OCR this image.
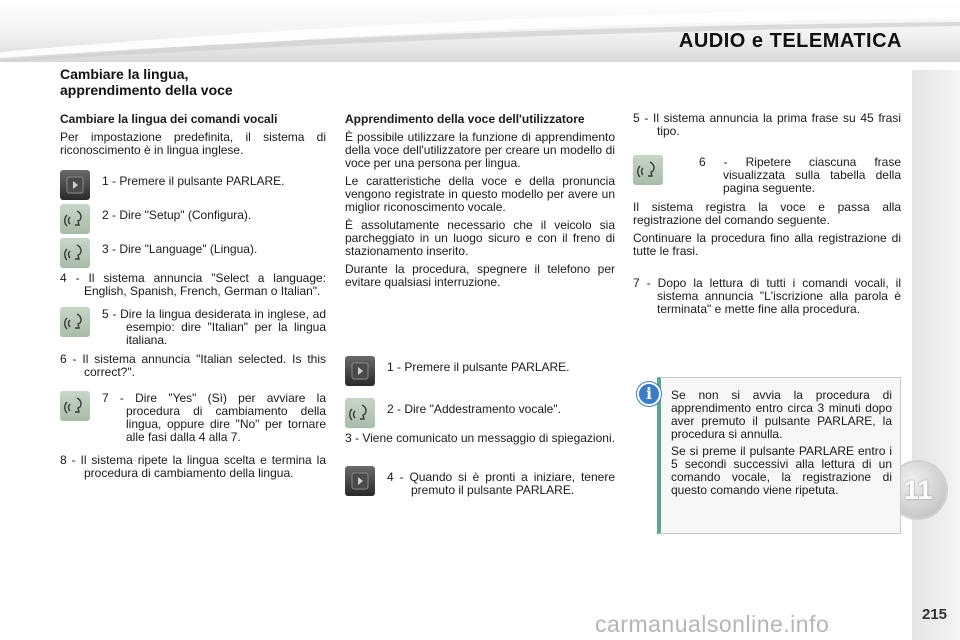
AUDIO e TELEMATICA
11
215
carmanualsonline.info
Cambiare la lingua, apprendimento della voce
Cambiare la lingua dei comandi vocali
Per impostazione predefinita, il sistema di riconoscimento è in lingua inglese.
1 - Premere il pulsante PARLARE.
2 - Dire "Setup" (Configura).
3 - Dire "Language" (Lingua).
4 - Il sistema annuncia "Select a language: English, Spanish, French, German o Italian".
5 - Dire la lingua desiderata in inglese, ad esempio: dire "Italian" per la lingua italiana.
6 - Il sistema annuncia "Italian selected. Is this correct?".
7 - Dire "Yes" (Sì) per avviare la procedura di cambiamento della lingua, oppure dire "No" per tornare alle fasi dalla 4 alla 7.
8 - Il sistema ripete la lingua scelta e termina la procedura di cambiamento della lingua.
Apprendimento della voce dell'utilizzatore
È possibile utilizzare la funzione di apprendimento della voce dell'utilizzatore per creare un modello di voce per una persona per lingua.
Le caratteristiche della voce e della pronuncia vengono registrate in questo modello per avere un miglior riconoscimento vocale.
È assolutamente necessario che il veicolo sia parcheggiato in un luogo sicuro e con il freno di stazionamento inserito.
Durante la procedura, spegnere il telefono per evitare qualsiasi interruzione.
1 - Premere il pulsante PARLARE.
2 - Dire "Addestramento vocale".
3 - Viene comunicato un messaggio di spiegazioni.
4 - Quando si è pronti a iniziare, tenere premuto il pulsante PARLARE.
5 - Il sistema annuncia la prima frase su 45 frasi tipo.
6 - Ripetere ciascuna frase visualizzata sulla tabella della pagina seguente.
Il sistema registra la voce e passa alla registrazione del comando seguente.
Continuare la procedura fino alla registrazione di tutte le frasi.
7 - Dopo la lettura di tutti i comandi vocali, il sistema annuncia "L'iscrizione alla parola è terminata" e mette fine alla procedura.
i	Se non si avvia la procedura di apprendimento entro circa 3 minuti dopo aver premuto il pulsante PARLARE, la procedura si annulla.

Se si preme il pulsante PARLARE entro i 5 secondi successivi alla lettura di un comando vocale, la registrazione di questo comando viene ripetuta.
